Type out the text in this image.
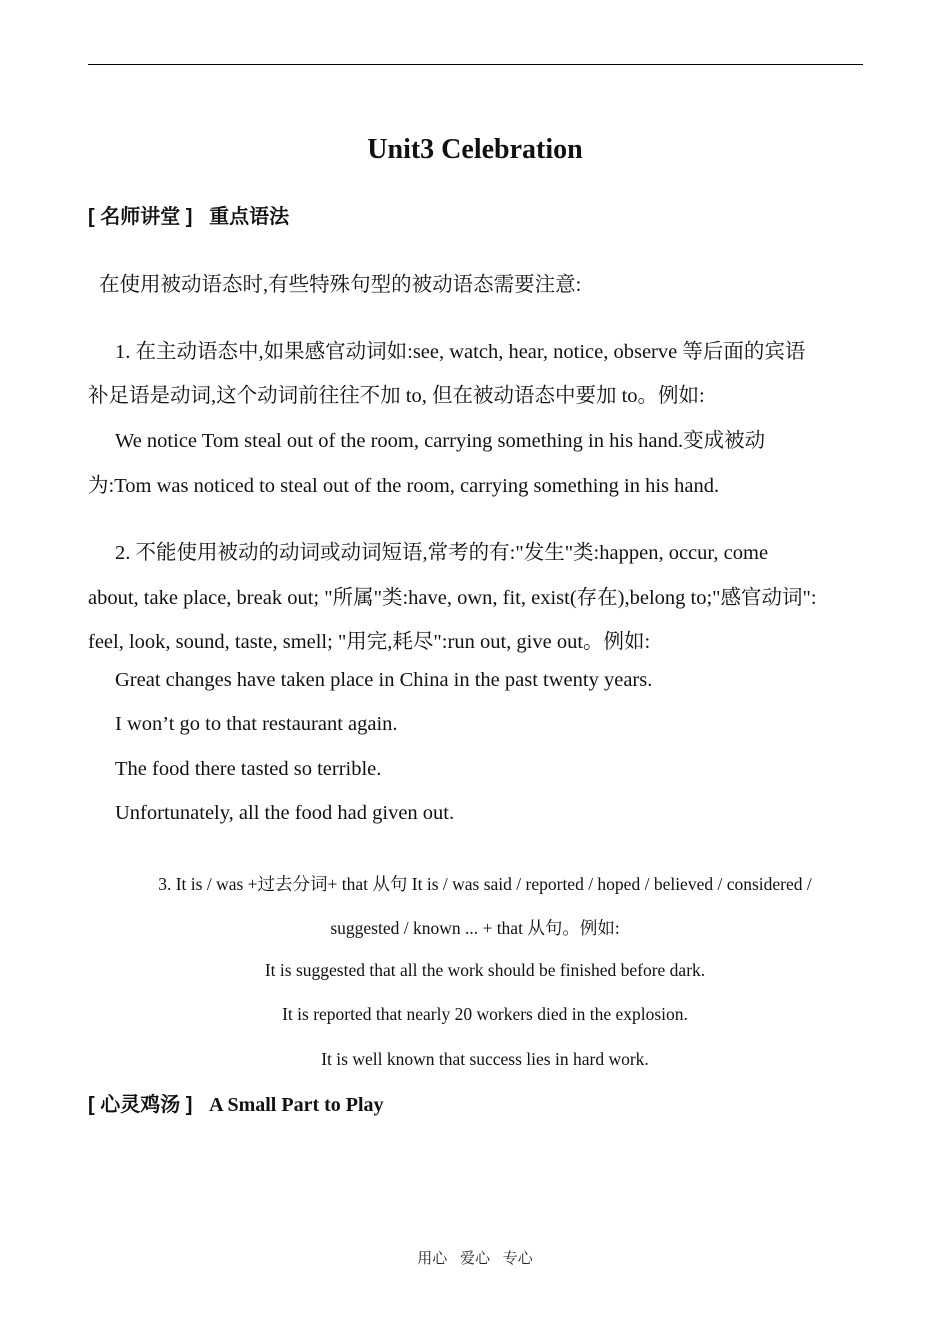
Unit3 Celebration
[ 名师讲堂 ] 重点语法
在使用被动语态时,有些特殊句型的被动语态需要注意:
1. 在主动语态中,如果感官动词如:see, watch, hear, notice, observe 等后面的宾语
补足语是动词,这个动词前往往不加 to, 但在被动语态中要加 to。例如:
We notice Tom steal out of the room, carrying something in his hand.变成被动
为:Tom was noticed to steal out of the room, carrying something in his hand.
2. 不能使用被动的动词或动词短语,常考的有:"发生"类:happen, occur, come
about, take place, break out; "所属"类:have, own, fit, exist(存在),belong to;"感官动词":
feel, look, sound, taste, smell; "用完,耗尽":run out, give out。例如:
Great changes have taken place in China in the past twenty years.
I won’t go to that restaurant again.
The food there tasted so terrible.
Unfortunately, all the food had given out.
3. It is / was +过去分词+ that 从句 It is / was said / reported / hoped / believed / considered /
suggested / known ... + that 从句。例如:
It is suggested that all the work should be finished before dark.
It is reported that nearly 20 workers died in the explosion.
It is well known that success lies in hard work.
[ 心灵鸡汤 ] A Small Part to Play
用心 爱心 专心
